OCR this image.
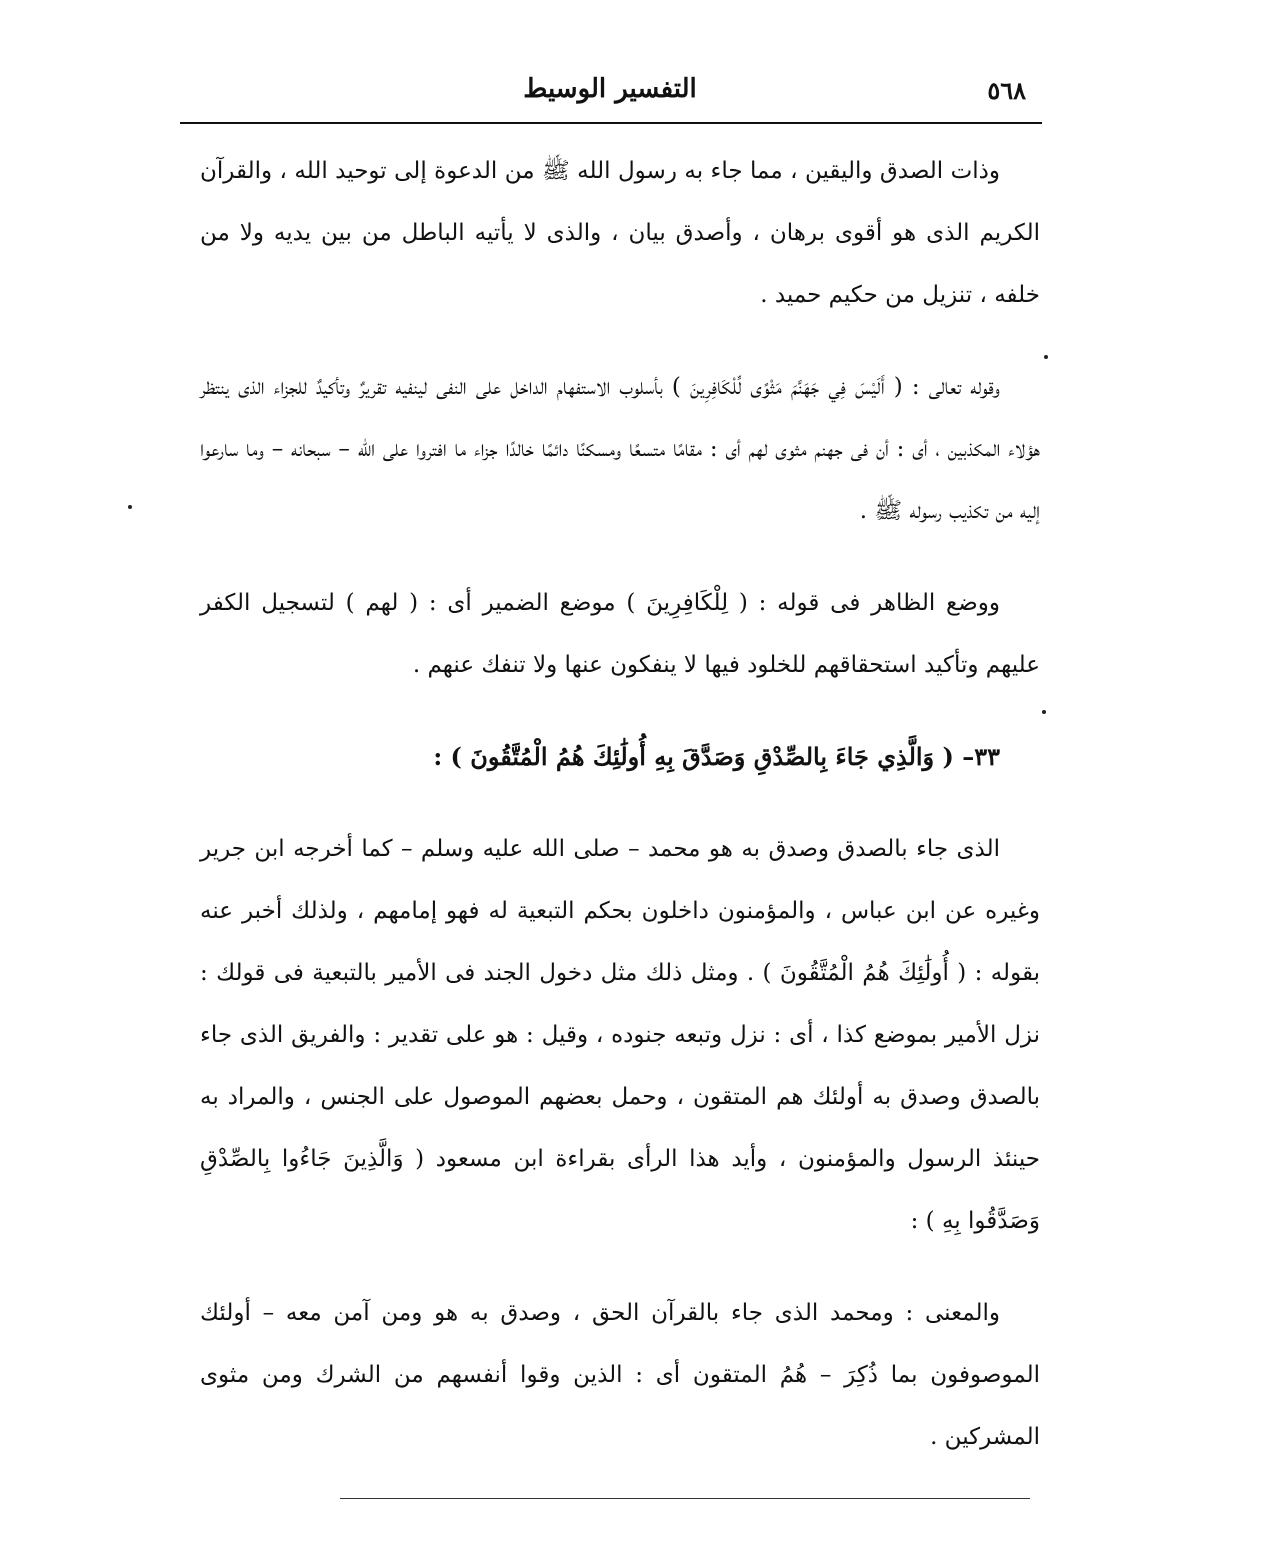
٥٦٨
التفسير الوسيط

وذات الصدق واليقين ، مما جاء به رسول الله ﷺ من الدعوة إلى توحيد الله ، والقرآن الكريم الذى هو أقوى برهان ، وأصدق بيان ، والذى لا يأتيه الباطل من بين يديه ولا من خلفه ، تنزيل من حكيم حميد .

وقوله تعالى : ( أَلَيْسَ فِي جَهَنَّمَ مَثْوًى لِّلْكَافِرِينَ ) بأسلوب الاستفهام الداخل على النفى لينفيه تقريرٌ وتأكيدٌ للجزاء الذى ينتظر هؤلاء المكذبين ، أى : أن فى جهنم مثوى لهم أى : مقامًا متسعًا ومسكنًا دائمًا خالدًا جزاء ما افتروا على الله – سبحانه – وما سارعوا إليه من تكذيب رسوله ﷺ .

ووضع الظاهر فى قوله : ( لِلْكَافِرِينَ ) موضع الضمير أى : ( لهم ) لتسجيل الكفر عليهم وتأكيد استحقاقهم للخلود فيها لا ينفكون عنها ولا تنفك عنهم .

٣٣– ( وَالَّذِي جَاءَ بِالصِّدْقِ وَصَدَّقَ بِهِ أُولَٰئِكَ هُمُ الْمُتَّقُونَ ) :

الذى جاء بالصدق وصدق به هو محمد – صلى الله عليه وسلم – كما أخرجه ابن جرير وغيره عن ابن عباس ، والمؤمنون داخلون بحكم التبعية له فهو إمامهم ، ولذلك أخبر عنه بقوله : ( أُولَٰئِكَ هُمُ الْمُتَّقُونَ ) . ومثل ذلك مثل دخول الجند فى الأمير بالتبعية فى قولك : نزل الأمير بموضع كذا ، أى : نزل وتبعه جنوده ، وقيل : هو على تقدير : والفريق الذى جاء بالصدق وصدق به أولئك هم المتقون ، وحمل بعضهم الموصول على الجنس ، والمراد به حينئذ الرسول والمؤمنون ، وأيد هذا الرأى بقراءة ابن مسعود ( وَالَّذِينَ جَاءُوا بِالصِّدْقِ وَصَدَّقُوا بِهِ ) :

والمعنى : ومحمد الذى جاء بالقرآن الحق ، وصدق به هو ومن آمن معه – أولئك الموصوفون بما ذُكِرَ – هُمُ المتقون أى : الذين وقوا أنفسهم من الشرك ومن مثوى المشركين .
